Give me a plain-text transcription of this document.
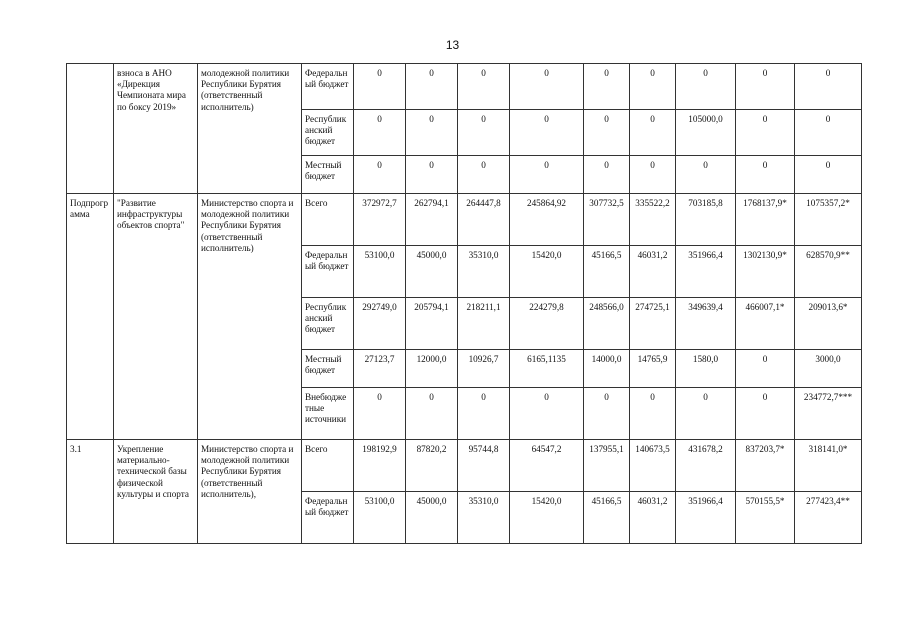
13
	взноса в АНО «Дирекция Чемпионата мира по боксу 2019»	молодежной политики Республики Бурятия (ответственный исполнитель)	Федеральный бюджет	0	0	0	0	0	0	0	0	0
			Республиканский бюджет	0	0	0	0	0	0	105000,0	0	0
			Местный бюджет	0	0	0	0	0	0	0	0	0
Подпрограмма	"Развитие инфраструктуры объектов спорта"	Министерство спорта и молодежной политики Республики Бурятия (ответственный исполнитель)	Всего	372972,7	262794,1	264447,8	245864,92	307732,5	335522,2	703185,8	1768137,9*	1075357,2*
			Федеральный бюджет	53100,0	45000,0	35310,0	15420,0	45166,5	46031,2	351966,4	1302130,9*	628570,9**
			Республиканский бюджет	292749,0	205794,1	218211,1	224279,8	248566,0	274725,1	349639,4	466007,1*	209013,6*
			Местный бюджет	27123,7	12000,0	10926,7	6165,1135	14000,0	14765,9	1580,0	0	3000,0
			Внебюджетные источники	0	0	0	0	0	0	0	0	234772,7***
3.1	Укрепление материально-технической базы физической культуры и спорта	Министерство спорта и молодежной политики Республики Бурятия (ответственный исполнитель),	Всего	198192,9	87820,2	95744,8	64547,2	137955,1	140673,5	431678,2	837203,7*	318141,0*
			Федеральный бюджет	53100,0	45000,0	35310,0	15420,0	45166,5	46031,2	351966,4	570155,5*	277423,4**
